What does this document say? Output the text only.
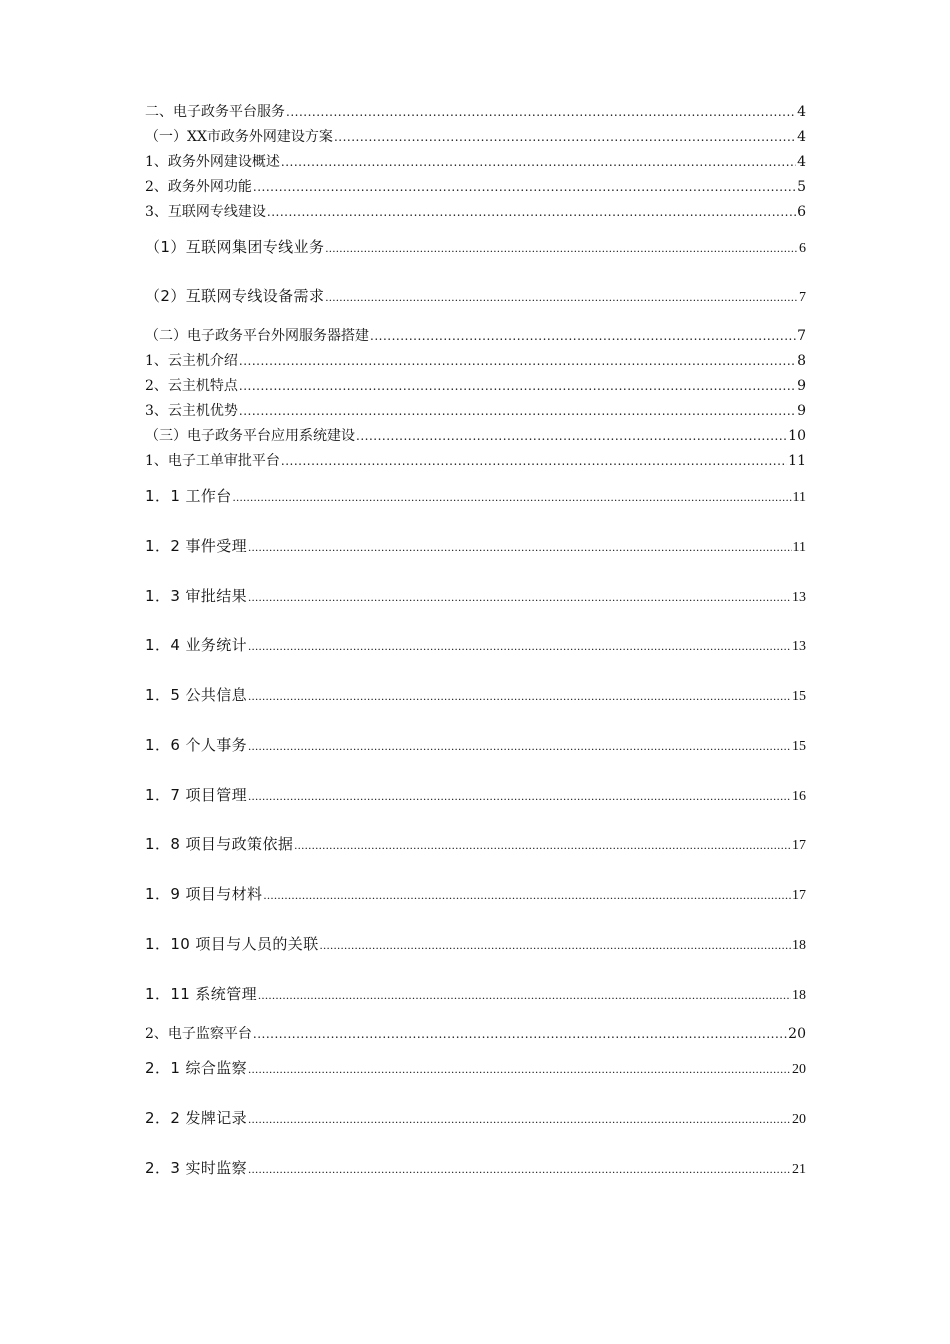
二、电子政务平台服务 .....	4
（一）XX市政务外网建设方案 .....	4
1、政务外网建设概述 .....	4
2、政务外网功能 .....	5
3、互联网专线建设 .....	6
（1）互联网集团专线业务 .....	6
（2）互联网专线设备需求 .....	7
（二）电子政务平台外网服务器搭建 .....	7
1、云主机介绍 .....	8
2、云主机特点 .....	9
3、云主机优势 .....	9
（三）电子政务平台应用系统建设 .....	10
1、电子工单审批平台 .....	11
1．1 工作台 .....	11
1．2 事件受理 .....	11
1．3 审批结果 .....	13
1．4 业务统计 .....	13
1．5 公共信息 .....	15
1．6 个人事务 .....	15
1．7 项目管理 .....	16
1．8 项目与政策依据 .....	17
1．9 项目与材料 .....	17
1．10 项目与人员的关联 .....	18
1．11 系统管理 .....	18
2、电子监察平台 .....	20
2．1 综合监察 .....	20
2．2 发牌记录 .....	20
2．3 实时监察 .....	21
